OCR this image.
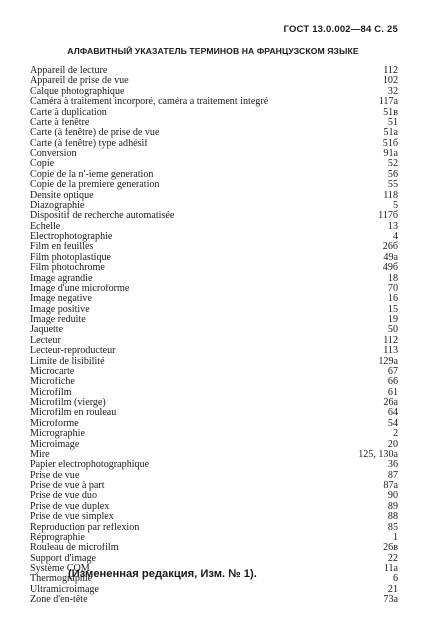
ГОСТ 13.0.002—84 С. 25
АЛФАВИТНЫЙ УКАЗАТЕЛЬ ТЕРМИНОВ НА ФРАНЦУЗСКОМ ЯЗЫКЕ
Appareil de lecture	112
Appareil de prise de vue	102
Calque photographique	32
Caméra à traitement incorporé, caméra a traitement integré	117a
Carte à duplication	51в
Carte à fenêtre	51
Carte (à fenêtre) de prise de vue	51a
Carte (à fenêtre) type adhésif	51б
Conversion	91a
Copie	52
Copie de la n'-ieme generation	56
Copie de la premiere generation	55
Densite optique	118
Diazographie	5
Dispositif de recherche automatisée	117б
Echelle	13
Electrophotographie	4
Film en feuilles	26б
Film photoplastique	49a
Film photochrome	49б
Image agrandie	18
Image d'une microforme	70
Image negative	16
Image positive	15
Image reduite	19
Jaquette	50
Lecteur	112
Lecteur-reproducteur	113
Limite de lisibilité	129a
Microcarte	67
Microfiche	66
Microfilm	61
Microfilm (vierge)	26a
Microfilm en rouleau	64
Microforme	54
Micrographie	2
Microimage	20
Mire	125, 130a
Papier electrophotographique	36
Prise de vue	87
Prise de vue à part	87a
Prise de vue duo	90
Prise de vue duplex	89
Prise de vue simplex	88
Reproduction par reflexion	85
Réprographie	1
Rouleau de microfilm	26в
Support d'image	22
Système COM	11a
Thermographie	6
Ultramicroimage	21
Zone d'en-tête	73a
(Измененная редакция, Изм. № 1).
